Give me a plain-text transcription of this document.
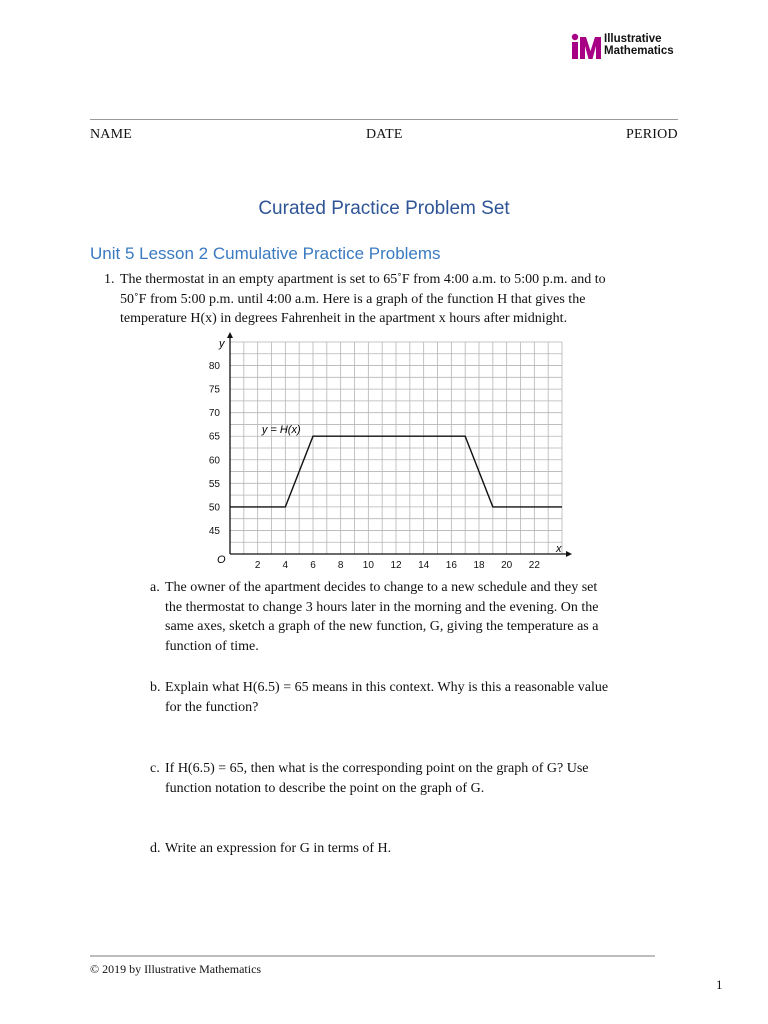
Illustrative
Mathematics
NAME	DATE	PERIOD
Curated Practice Problem Set
Unit 5 Lesson 2 Cumulative Practice Problems
1. The thermostat in an empty apartment is set to 65˚F from 4:00 a.m. to 5:00 p.m. and to
50˚F from 5:00 p.m. until 4:00 a.m. Here is a graph of the function H that gives the
temperature H(x) in degrees Fahrenheit in the apartment x hours after midnight.
2 4 6 8 10 12 14 16 18 20 22
45
50
55
60
65
70
75
80
y = H(x)
y
x
O
a. The owner of the apartment decides to change to a new schedule and they set
the thermostat to change 3 hours later in the morning and the evening. On the
same axes, sketch a graph of the new function, G, giving the temperature as a
function of time.
b. Explain what H(6.5) = 65 means in this context. Why is this a reasonable value
for the function?
c. If H(6.5) = 65, then what is the corresponding point on the graph of G? Use
function notation to describe the point on the graph of G.
d. Write an expression for G in terms of H.
© 2019 by Illustrative Mathematics
1
